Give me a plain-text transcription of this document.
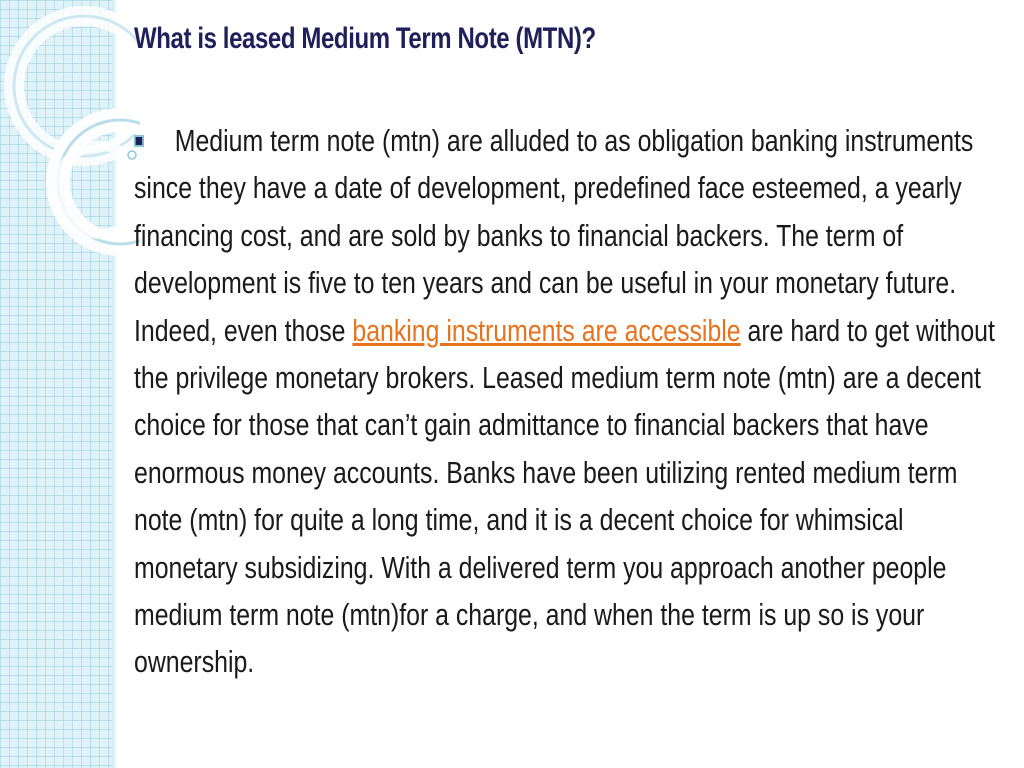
What is leased Medium Term Note (MTN)?

Medium term note (mtn) are alluded to as obligation banking instruments since they have a date of development, predefined face esteemed, a yearly financing cost, and are sold by banks to financial backers. The term of development is five to ten years and can be useful in your monetary future. Indeed, even those banking instruments are accessible are hard to get without the privilege monetary brokers. Leased medium term note (mtn) are a decent choice for those that can’t gain admittance to financial backers that have enormous money accounts. Banks have been utilizing rented medium term note (mtn) for quite a long time, and it is a decent choice for whimsical monetary subsidizing. With a delivered term you approach another people medium term note (mtn)for a charge, and when the term is up so is your ownership.
